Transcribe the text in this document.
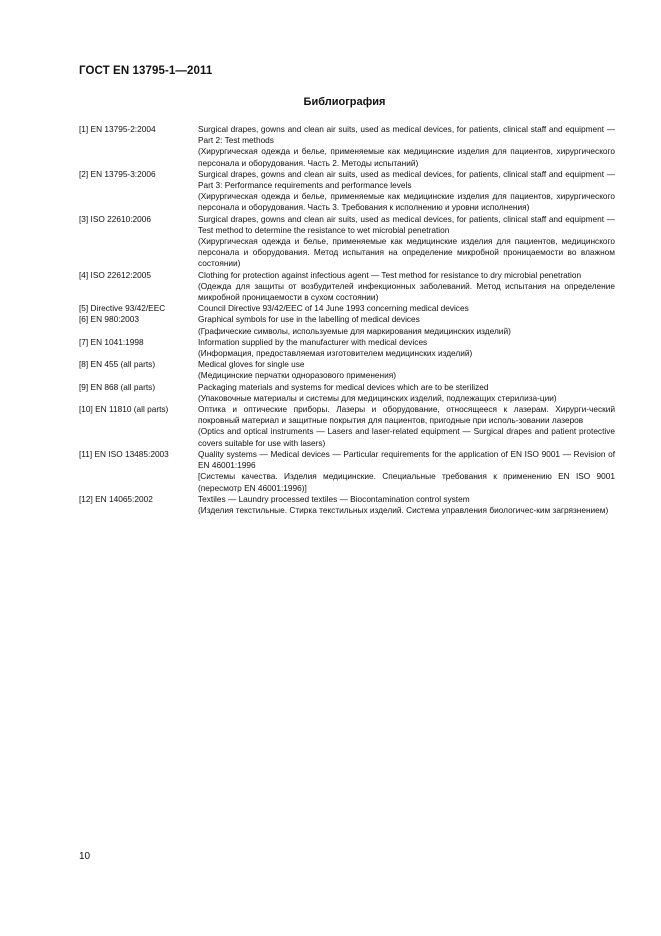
ГОСТ EN 13795-1—2011
Библиография
[1] EN 13795-2:2004	Surgical drapes, gowns and clean air suits, used as medical devices, for patients, clinical staff and equipment — Part 2: Test methods

(Хирургическая одежда и белье, применяемые как медицинские изделия для пациентов, хирургического персонала и оборудования. Часть 2. Методы испытаний)

[2] EN 13795-3:2006	Surgical drapes, gowns and clean air suits, used as medical devices, for patients, clinical staff and equipment — Part 3: Performance requirements and performance levels

(Хирургическая одежда и белье, применяемые как медицинские изделия для пациентов, хирургического персонала и оборудования. Часть 3. Требования к исполнению и уровни исполнения)

[3] ISO 22610:2006	Surgical drapes, gowns and clean air suits, used as medical devices, for patients, clinical staff and equipment — Test method to determine the resistance to wet microbial penetration

(Хирургическая одежда и белье, применяемые как медицинские изделия для пациентов, медицинского персонала и оборудования. Метод испытания на определение микробной проницаемости во влажном состоянии)

[4] ISO 22612:2005	Clothing for protection against infectious agent — Test method for resistance to dry microbial penetration

(Одежда для защиты от возбудителей инфекционных заболеваний. Метод испытания на определение микробной проницаемости в сухом состоянии)

[5] Directive 93/42/EEC	Council Directive 93/42/EEC of 14 June 1993 concerning medical devices

[6] EN 980:2003	Graphical symbols for use in the labelling of medical devices

(Графические символы, используемые для маркирования медицинских изделий)

[7] EN 1041:1998	Information supplied by the manufacturer with medical devices

(Информация, предоставляемая изготовителем медицинских изделий)

[8] EN 455 (all parts)	Medical gloves for single use

(Медицинские перчатки одноразового применения)

[9] EN 868 (all parts)	Packaging materials and systems for medical devices which are to be sterilized

(Упаковочные материалы и системы для медицинских изделий, подлежащих стерилиза-ции)

[10] EN 11810 (all parts)	Оптика и оптические приборы. Лазеры и оборудование, относящееся к лазерам. Хирурги-ческий покровный материал и защитные покрытия для пациентов, пригодные при исполь-зовании лазеров

(Optics and optical instruments — Lasers and laser-related equipment — Surgical drapes and patient protective covers suitable for use with lasers)

[11] EN ISO 13485:2003	Quality systems — Medical devices — Particular requirements for the application of EN ISO 9001 — Revision of EN 46001:1996

[Системы качества. Изделия медицинские. Специальные требования к применению EN ISO 9001 (пересмотр EN 46001:1996)]

[12] EN 14065:2002	Textiles — Laundry processed textiles — Biocontamination control system

(Изделия текстильные. Стирка текстильных изделий. Система управления биологичес-ким загрязнением)

10
